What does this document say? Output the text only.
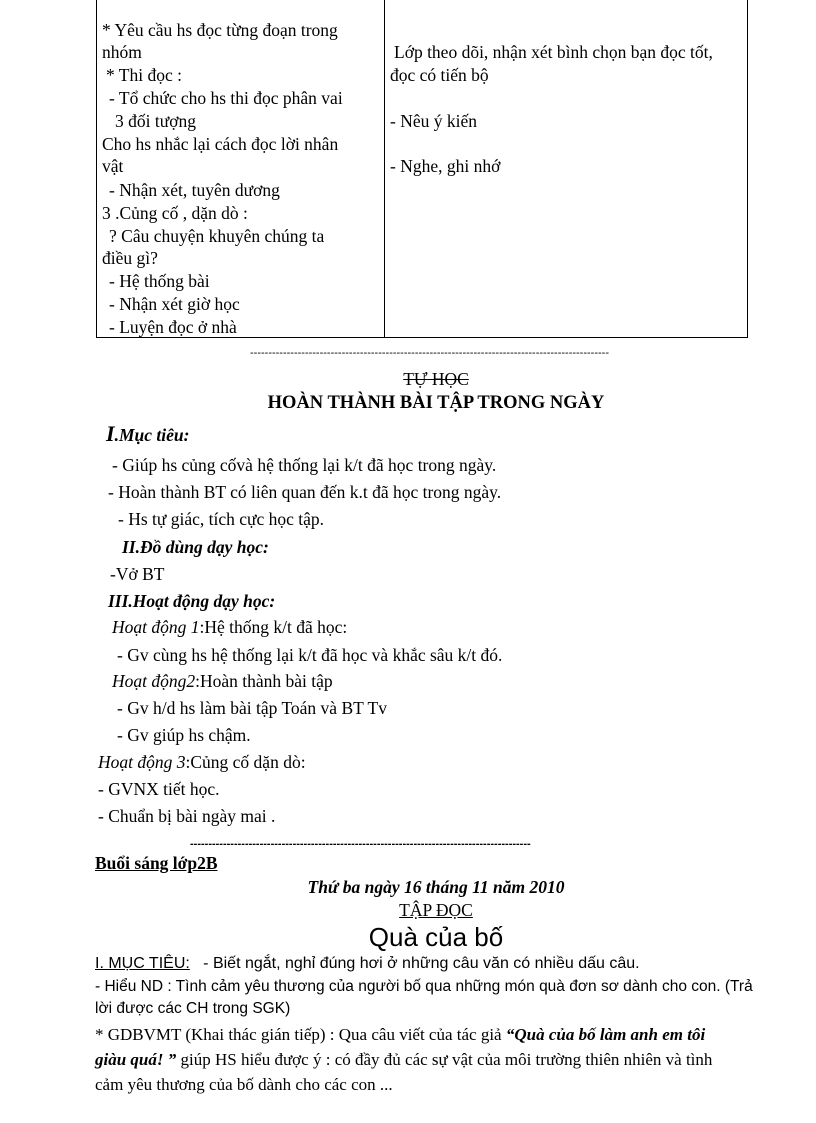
* Yêu cầu hs đọc từng đoạn trong
nhóm
* Thi đọc :
- Tổ chức cho hs thi đọc phân vai
3 đối tượng
Cho hs nhắc lại cách đọc lời nhân
vật
- Nhận xét, tuyên dương
3 .Củng cố , dặn dò :
? Câu chuyện khuyên chúng ta
điều gì?
- Hệ thống bài
- Nhận xét giờ học
- Luyện đọc ở nhà
Lớp theo dõi, nhận xét bình chọn bạn đọc tốt,
đọc có tiến bộ
- Nêu ý kiến
- Nghe, ghi nhớ
--------------------------------------------------------------------------------------------------
TỰ HỌC
HOÀN THÀNH BÀI TẬP TRONG NGÀY
I.Mục tiêu:
- Giúp hs củng cốvà hệ thống lại k/t đã học trong ngày.
- Hoàn thành BT có liên quan đến k.t đã học trong ngày.
- Hs tự giác, tích cực học tập.
II.Đồ dùng dạy học:
-Vở BT
III.Hoạt động dạy học:
Hoạt động 1:Hệ thống k/t đã học:
- Gv cùng hs hệ thống lại k/t đã học và khắc sâu k/t đó.
Hoạt động2:Hoàn thành bài tập
- Gv h/d hs làm bài tập Toán và BT Tv
- Gv giúp hs chậm.
Hoạt động 3:Củng cố dặn dò:
- GVNX tiết học.
- Chuẩn bị bài ngày mai .
---------------------------------------------------------------------------------------------
Buổi sáng lớp2B
Thứ ba ngày 16 tháng 11 năm 2010
TẬP ĐỌC
Quà của bố
I. MỤC TIÊU: - Biết ngắt, nghỉ đúng hơi ở những câu văn có nhiều dấu câu.
- Hiểu ND : Tình cảm yêu thương của người bố qua những món quà đơn sơ dành cho con. (Trả
lời được các CH trong SGK)
* GDBVMT (Khai thác gián tiếp) : Qua câu viết của tác giả “Quà của bố làm anh em tôi
giàu quá! ” giúp HS hiểu được ý : có đầy đủ các sự vật của môi trường thiên nhiên và tình
cảm yêu thương của bố dành cho các con ...
